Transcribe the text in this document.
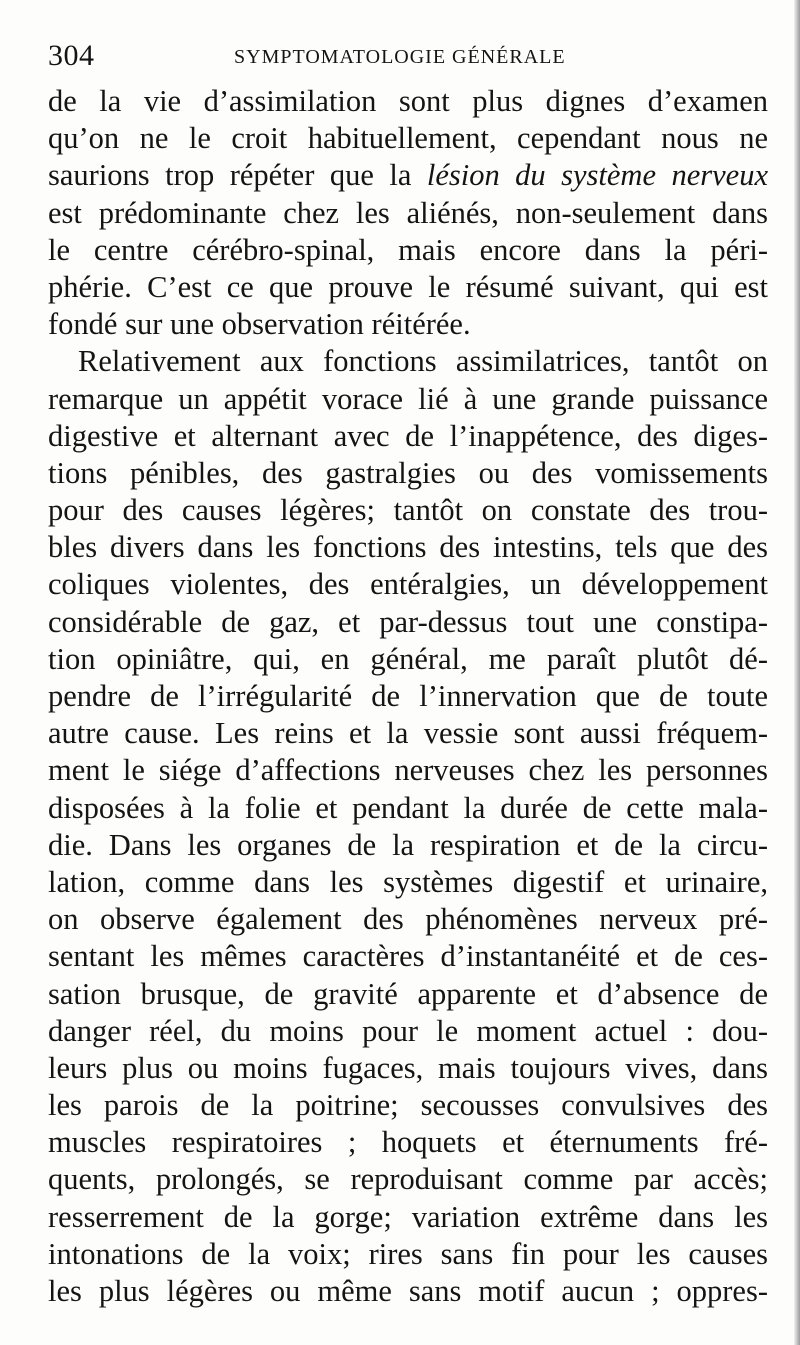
304	SYMPTOMATOLOGIE GÉNÉRALE
de la vie d’assimilation sont plus dignes d’examen
qu’on ne le croit habituellement, cependant nous ne
saurions trop répéter que la lésion du système nerveux
est prédominante chez les aliénés, non-seulement dans
le centre cérébro-spinal, mais encore dans la péri-
phérie. C’est ce que prouve le résumé suivant, qui est
fondé sur une observation réitérée.
Relativement aux fonctions assimilatrices, tantôt on
remarque un appétit vorace lié à une grande puissance
digestive et alternant avec de l’inappétence, des diges-
tions pénibles, des gastralgies ou des vomissements
pour des causes légères; tantôt on constate des trou-
bles divers dans les fonctions des intestins, tels que des
coliques violentes, des entéralgies, un développement
considérable de gaz, et par-dessus tout une constipa-
tion opiniâtre, qui, en général, me paraît plutôt dé-
pendre de l’irrégularité de l’innervation que de toute
autre cause. Les reins et la vessie sont aussi fréquem-
ment le siége d’affections nerveuses chez les personnes
disposées à la folie et pendant la durée de cette mala-
die. Dans les organes de la respiration et de la circu-
lation, comme dans les systèmes digestif et urinaire,
on observe également des phénomènes nerveux pré-
sentant les mêmes caractères d’instantanéité et de ces-
sation brusque, de gravité apparente et d’absence de
danger réel, du moins pour le moment actuel : dou-
leurs plus ou moins fugaces, mais toujours vives, dans
les parois de la poitrine; secousses convulsives des
muscles respiratoires ; hoquets et éternuments fré-
quents, prolongés, se reproduisant comme par accès;
resserrement de la gorge; variation extrême dans les
intonations de la voix; rires sans fin pour les causes
les plus légères ou même sans motif aucun ; oppres-
